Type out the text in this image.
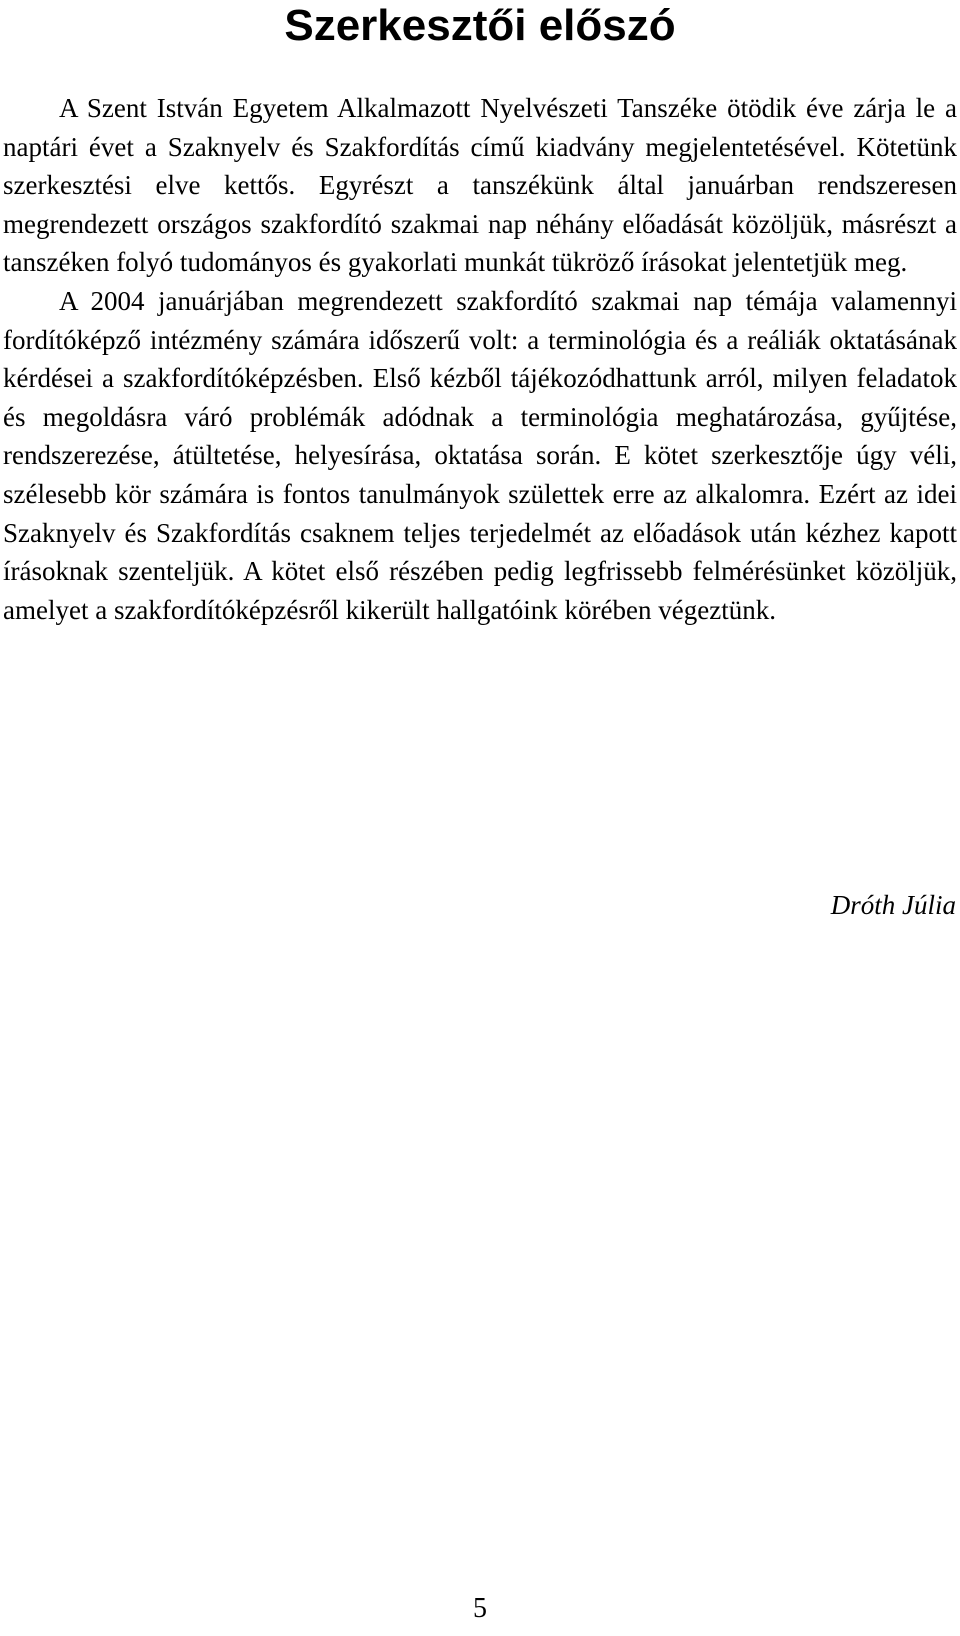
Szerkesztői előszó

A Szent István Egyetem Alkalmazott Nyelvészeti Tanszéke ötödik éve zárja le a naptári évet a Szaknyelv és Szakfordítás című kiadvány megjelentetésével. Kötetünk szerkesztési elve kettős. Egyrészt a tanszékünk által januárban rendszeresen megrendezett országos szakfordító szakmai nap néhány előadását közöljük, másrészt a tanszéken folyó tudományos és gyakorlati munkát tükröző írásokat jelentetjük meg.

A 2004 januárjában megrendezett szakfordító szakmai nap témája valamennyi fordítóképző intézmény számára időszerű volt: a terminológia és a reáliák oktatásának kérdései a szakfordítóképzésben. Első kézből tájékozódhattunk arról, milyen feladatok és megoldásra váró problémák adódnak a terminológia meghatározása, gyűjtése, rendszerezése, átültetése, helyesírása, oktatása során. E kötet szerkesztője úgy véli, szélesebb kör számára is fontos tanulmányok születtek erre az alkalomra. Ezért az idei Szaknyelv és Szakfordítás csaknem teljes terjedelmét az előadások után kézhez kapott írásoknak szenteljük. A kötet első részében pedig legfrissebb felmérésünket közöljük, amelyet a szakfordítóképzésről kikerült hallgatóink körében végeztünk.

Dróth Júlia

5
